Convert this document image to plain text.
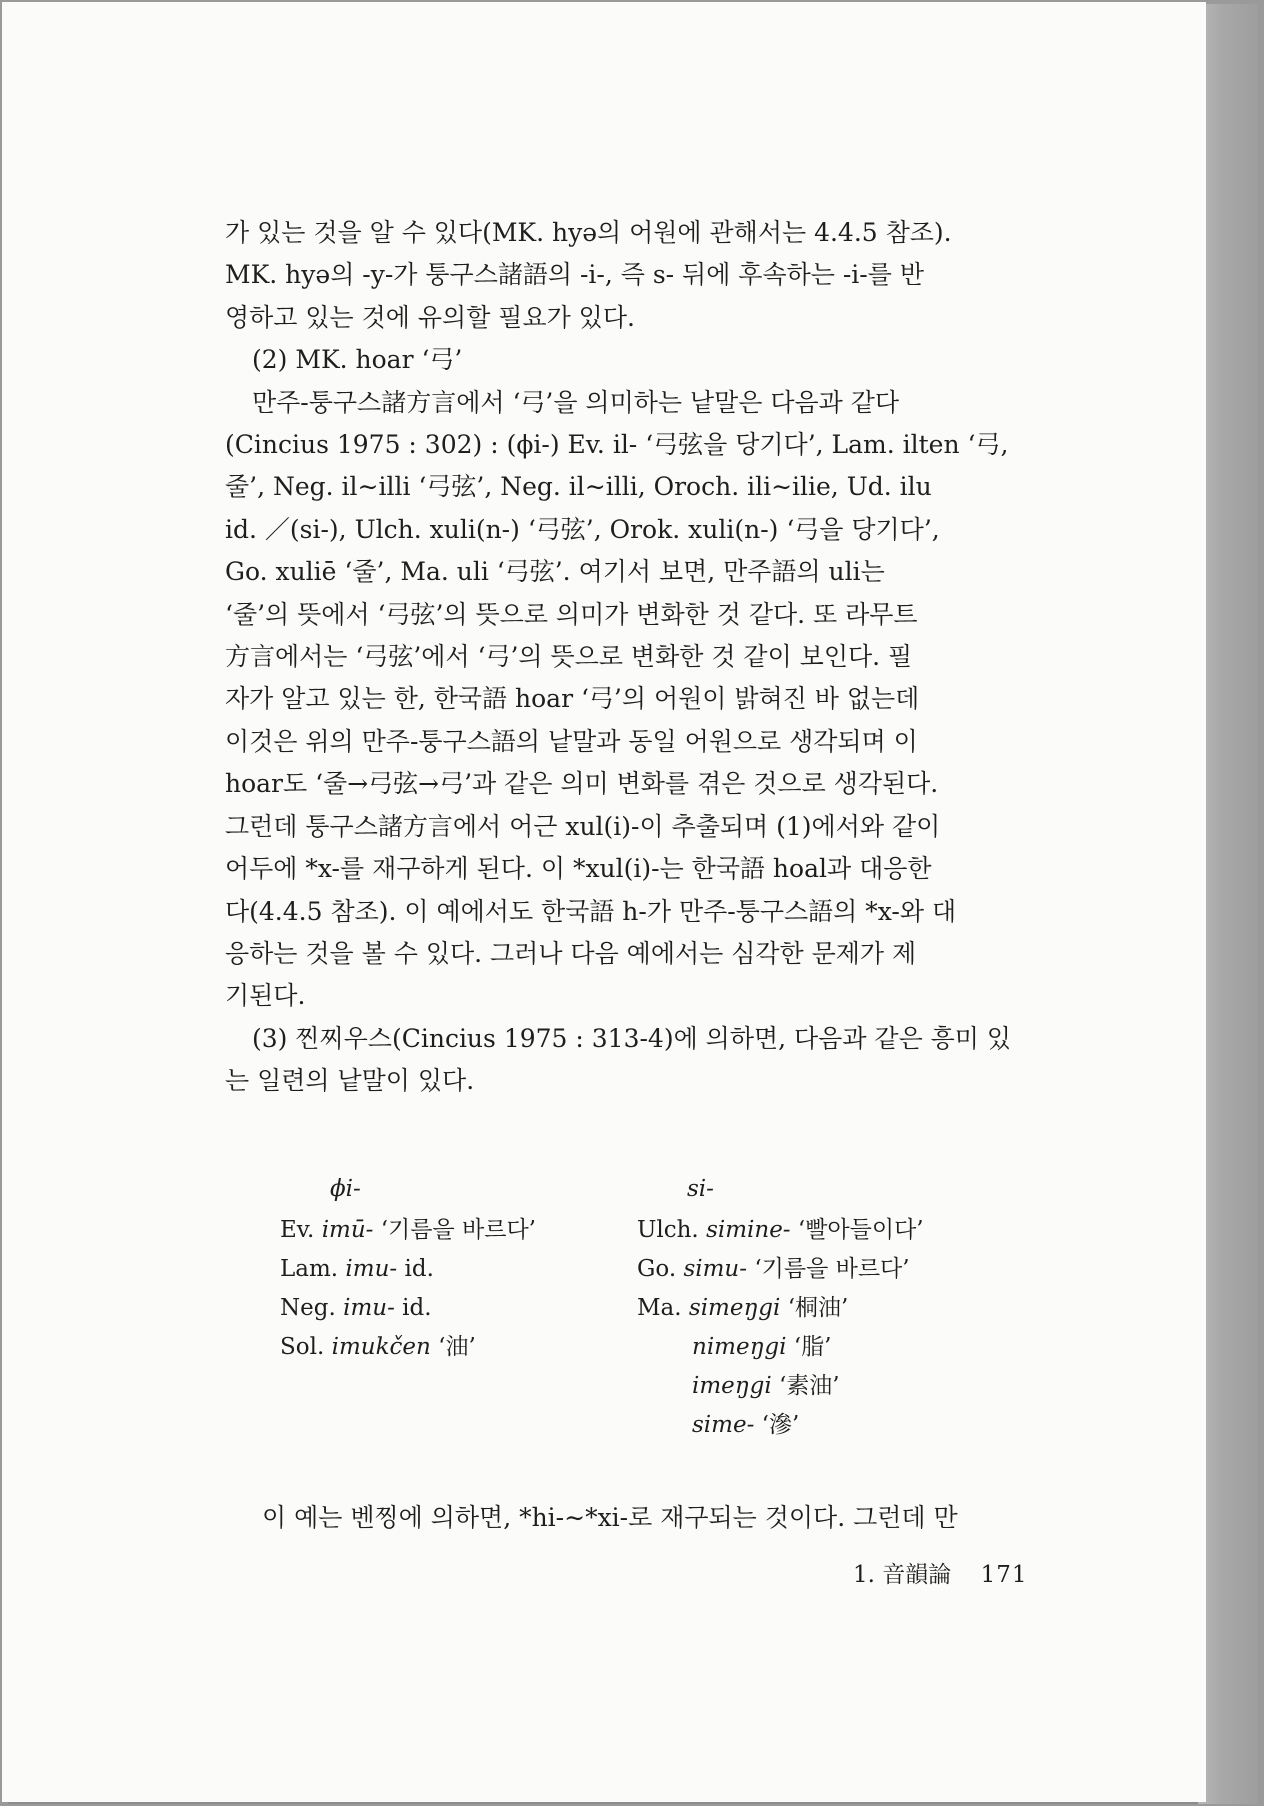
가 있는 것을 알 수 있다(MK. hyə의 어원에 관해서는 4.4.5 참조).
MK. hyə의 -y-가 퉁구스諸語의 -i-, 즉 s- 뒤에 후속하는 -i-를 반
영하고 있는 것에 유의할 필요가 있다.
(2) MK. hoar ‘弓’
만주-퉁구스諸方言에서 ‘弓’을 의미하는 낱말은 다음과 같다
(Cincius 1975 : 302) : (ϕi-) Ev. il- ‘弓弦을 당기다’, Lam. ilten ‘弓,
줄’, Neg. il∼illi ‘弓弦’, Neg. il∼illi, Oroch. ili∼ilie, Ud. ilu
id. ／(si-), Ulch. xuli(n-) ‘弓弦’, Orok. xuli(n-) ‘弓을 당기다’,
Go. xuliē ‘줄’, Ma. uli ‘弓弦’. 여기서 보면, 만주語의 uli는
‘줄’의 뜻에서 ‘弓弦’의 뜻으로 의미가 변화한 것 같다. 또 라무트
方言에서는 ‘弓弦’에서 ‘弓’의 뜻으로 변화한 것 같이 보인다. 필
자가 알고 있는 한, 한국語 hoar ‘弓’의 어원이 밝혀진 바 없는데
이것은 위의 만주-퉁구스語의 낱말과 동일 어원으로 생각되며 이
hoar도 ‘줄→弓弦→弓’과 같은 의미 변화를 겪은 것으로 생각된다.
그런데 퉁구스諸方言에서 어근 xul(i)-이 추출되며 (1)에서와 같이
어두에 *x-를 재구하게 된다. 이 *xul(i)-는 한국語 hoal과 대응한
다(4.4.5 참조). 이 예에서도 한국語 h-가 만주-퉁구스語의 *x-와 대
응하는 것을 볼 수 있다. 그러나 다음 예에서는 심각한 문제가 제
기된다.
(3) 찐찌우스(Cincius 1975 : 313-4)에 의하면, 다음과 같은 흥미 있
는 일련의 낱말이 있다.
ϕi-
Ev. imū- ‘기름을 바르다’
Lam. imu- id.
Neg. imu- id.
Sol. imukčen ‘油’
si-
Ulch. simine- ‘빨아들이다’
Go. simu- ‘기름을 바르다’
Ma. simeŋgi ‘桐油’
nimeŋgi ‘脂’
imeŋgi ‘素油’
sime- ‘滲’
이 예는 벤찡에 의하면, *hi-∼*xi-로 재구되는 것이다. 그런데 만
1. 音韻論 171
